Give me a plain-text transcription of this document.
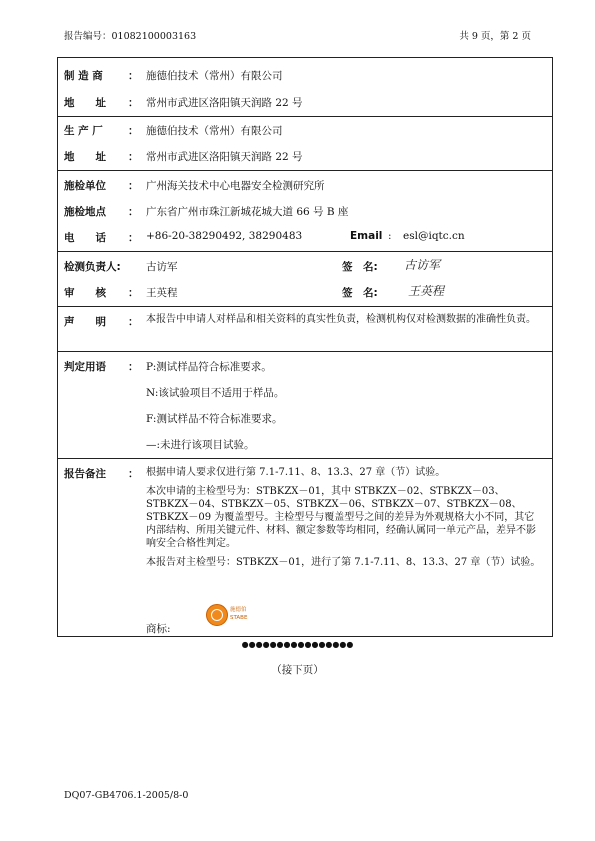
报告编号：01082100003163	共 9 页，第 2 页
制 造 商 ： 施德伯技术（常州）有限公司
地　　址 ： 常州市武进区洛阳镇天润路 22 号
生 产 厂 ： 施德伯技术（常州）有限公司
地　　址 ： 常州市武进区洛阳镇天润路 22 号
施检单位 ： 广州海关技术中心电器安全检测研究所
施检地点 ： 广东省广州市珠江新城花城大道 66 号 B 座
电　　话 ： +86-20-38290492, 38290483	Email : esl@iqtc.cn
检测负责人: 古访军	签　名: 古访军
审　　核 ： 王英程	签　名:	王英程
声　　明 ： 本报告中申请人对样品和相关资料的真实性负责，检测机构仅对检测数据的准确性负责。
判定用语 ： P:测试样品符合标准要求。
N:该试验项目不适用于样品。
F:测试样品不符合标准要求。
—:未进行该项目试验。
报告备注 ： 根据申请人要求仅进行第 7.1-7.11、8、13.3、27 章（节）试验。
本次申请的主检型号为：STBKZX－01，其中 STBKZX－02、STBKZX－03、STBKZX－04、STBKZX－05、STBKZX－06、STBKZX－07、STBKZX－08、STBKZX－09 为覆盖型号。主检型号与覆盖型号之间的差异为外观规格大小不同，其它内部结构、所用关键元件、材料、额定参数等均相同，经确认属同一单元产品，差异不影响安全合格性判定。
本报告对主检型号：STBKZX－01，进行了第 7.1-7.11、8、13.3、27 章（节）试验。
商标:
施德伯
STABE
●●●●●●●●●●●●●●●●
（接下页）
DQ07-GB4706.1-2005/8-0
